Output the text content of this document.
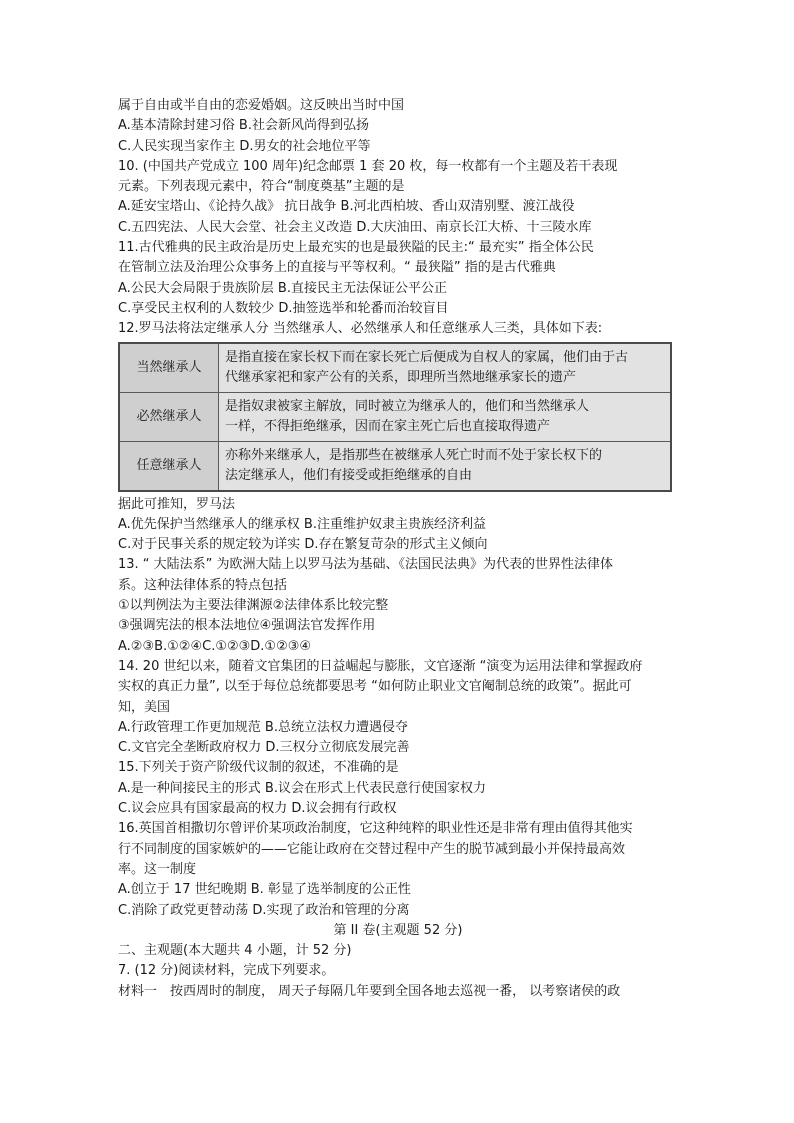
属于自由或半自由的恋爱婚姻。这反映出当时中国
A.基本清除封建习俗 B.社会新风尚得到弘扬
C.人民实现当家作主 D.男女的社会地位平等
10. (中国共产党成立 100 周年)纪念邮票 1 套 20 枚，每一枚都有一个主题及若干表现
元素。下列表现元素中，符合“制度奠基”主题的是
A.延安宝塔山、《论持久战》 抗日战争 B.河北西柏坡、香山双清别墅、渡江战役
C.五四宪法、人民大会堂、社会主义改造 D.大庆油田、南京长江大桥、十三陵水库
11.古代雅典的民主政治是历史上最充实的也是最狭隘的民主:“ 最充实” 指全体公民
在管制立法及治理公众事务上的直接与平等权利。“ 最狭隘” 指的是古代雅典
A.公民大会局限于贵族阶层 B.直接民主无法保证公平公正
C.享受民主权利的人数较少 D.抽签选举和轮番而治较盲目
12.罗马法将法定继承人分 当然继承人、必然继承人和任意继承人三类，具体如下表:
当然继承人	是指直接在家长权下而在家长死亡后便成为自权人的家属，他们由于古
代继承家祀和家产公有的关系，即理所当然地继承家长的遗产

必然继承人	是指奴隶被家主解放，同时被立为继承人的，他们和当然继承人
一样，不得拒绝继承，因而在家主死亡后也直接取得遗产

任意继承人	亦称外来继承人，是指那些在被继承人死亡时而不处于家长权下的
法定继承人，他们有接受或拒绝继承的自由
据此可推知，罗马法
A.优先保护当然继承人的继承权 B.注重维护奴隶主贵族经济利益
C.对于民事关系的规定较为详实 D.存在繁复苛杂的形式主义倾向
13. “ 大陆法系” 为欧洲大陆上以罗马法为基础、《法国民法典》为代表的世界性法律体
系。这种法律体系的特点包括
①以判例法为主要法律渊源②法律体系比较完整
③强调宪法的根本法地位④强调法官发挥作用
A.②③B.①②④C.①②③D.①②③④
14. 20 世纪以来，随着文官集团的日益崛起与膨胀，文官逐渐 “演变为运用法律和掌握政府
实权的真正力量”, 以至于每位总统都要思考 “如何防止职业文官阉制总统的政策”。据此可
知，美国
A.行政管理工作更加规范 B.总统立法权力遭遇侵夺
C.文官完全垄断政府权力 D.三权分立彻底发展完善
15.下列关于资产阶级代议制的叙述，不准确的是
A.是一种间接民主的形式 B.议会在形式上代表民意行使国家权力
C.议会应具有国家最高的权力 D.议会拥有行政权
16.英国首相撒切尔曾评价某项政治制度，它这种纯粹的职业性还是非常有理由值得其他实
行不同制度的国家嫉妒的——它能让政府在交替过程中产生的脱节减到最小并保持最高效
率。这一制度
A.创立于 17 世纪晚期 B. 彰显了选举制度的公正性
C.消除了政党更替动荡 D.实现了政治和管理的分离
第 II 卷(主观题 52 分)
二、主观题(本大题共 4 小题，计 52 分)
7. (12 分)阅读材料，完成下列要求。
材料一　按西周时的制度， 周天子每隔几年要到全国各地去巡视一番， 以考察诸侯的政
